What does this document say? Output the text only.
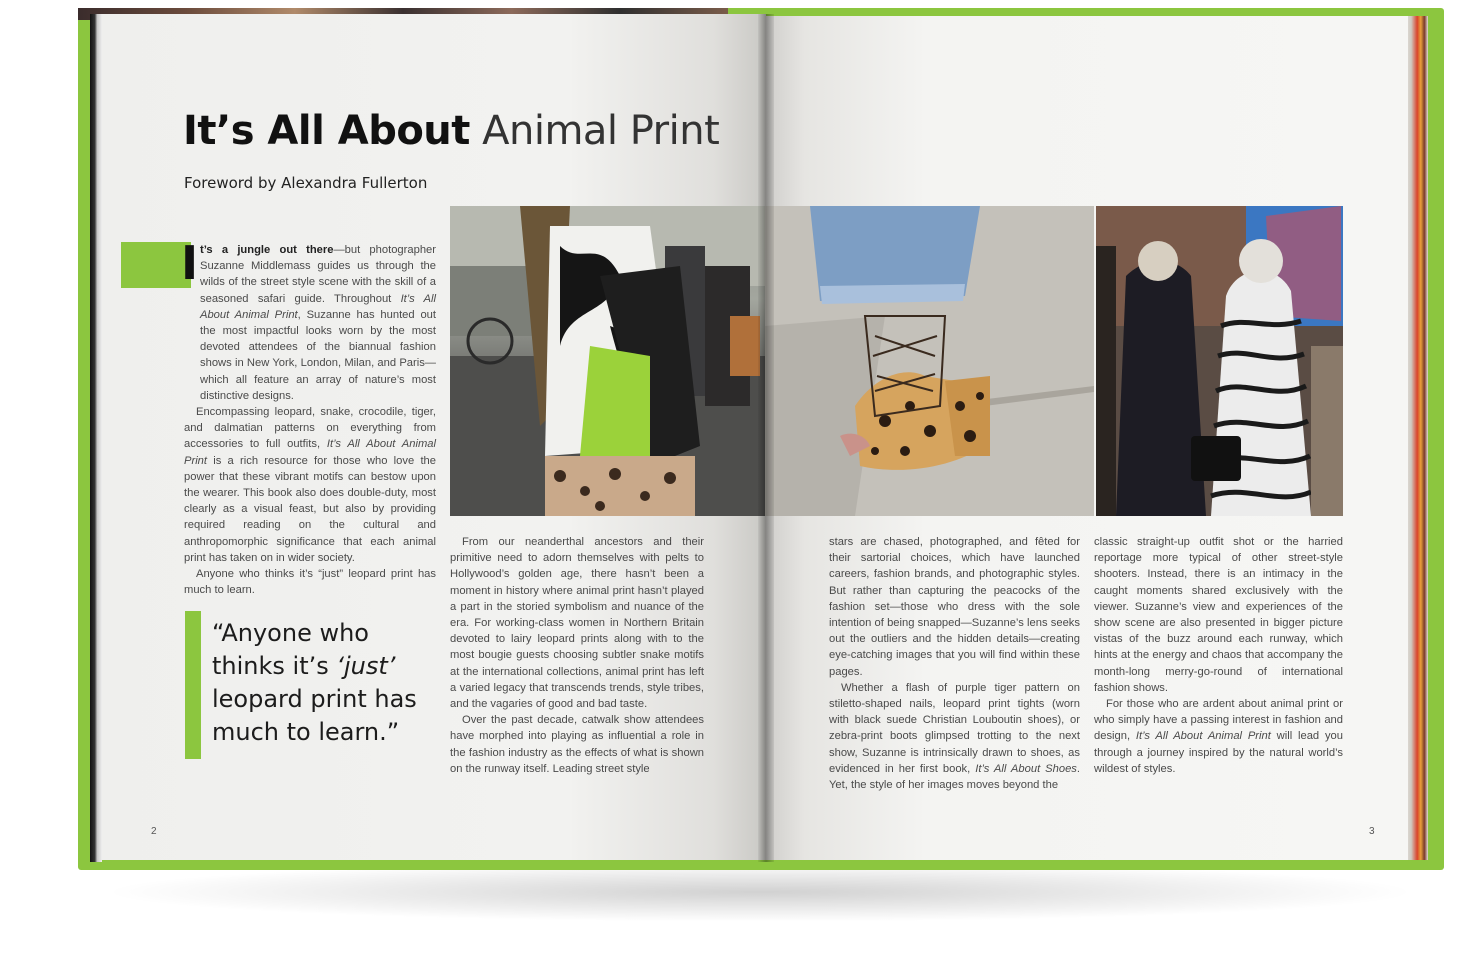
It’s All About Animal Print
Foreword by Alexandra Fullerton
I t’s a jungle out there—but photographer Suzanne Middlemass guides us through the wilds of the street style scene with the skill of a seasoned safari guide. Throughout It’s All About Animal Print, Suzanne has hunted out the most impactful looks worn by the most devoted attendees of the biannual fashion shows in New York, London, Milan, and Paris—which all feature an array of nature’s most distinctive designs.

Encompassing leopard, snake, crocodile, tiger, and dalmatian patterns on everything from accessories to full outfits, It’s All About Animal Print is a rich resource for those who love the power that these vibrant motifs can bestow upon the wearer. This book also does double-duty, most clearly as a visual feast, but also by providing required reading on the cultural and anthropomorphic significance that each animal print has taken on in wider society.

Anyone who thinks it’s “just” leopard print has much to learn.

“Anyone who thinks it’s ‘just’ leopard print has much to learn.”

From our neanderthal ancestors and their primitive need to adorn themselves with pelts to Hollywood’s golden age, there hasn’t been a moment in history where animal print hasn’t played a part in the storied symbolism and nuance of the era. For working-class women in Northern Britain devoted to lairy leopard prints along with to the most bougie guests choosing subtler snake motifs at the international collections, animal print has left a varied legacy that transcends trends, style tribes, and the vagaries of good and bad taste.

Over the past decade, catwalk show attendees have morphed into playing as influential a role in the fashion industry as the effects of what is shown on the runway itself. Leading street style

stars are chased, photographed, and fêted for their sartorial choices, which have launched careers, fashion brands, and photographic styles. But rather than capturing the peacocks of the fashion set—those who dress with the sole intention of being snapped—Suzanne’s lens seeks out the outliers and the hidden details—creating eye-catching images that you will find within these pages.

Whether a flash of purple tiger pattern on stiletto-shaped nails, leopard print tights (worn with black suede Christian Louboutin shoes), or zebra-print boots glimpsed trotting to the next show, Suzanne is intrinsically drawn to shoes, as evidenced in her first book, It’s All About Shoes. Yet, the style of her images moves beyond the

classic straight-up outfit shot or the harried reportage more typical of other street-style shooters. Instead, there is an intimacy in the caught moments shared exclusively with the viewer. Suzanne’s view and experiences of the show scene are also presented in bigger picture vistas of the buzz around each runway, which hints at the energy and chaos that accompany the month-long merry-go-round of international fashion shows.

For those who are ardent about animal print or who simply have a passing interest in fashion and design, It’s All About Animal Print will lead you through a journey inspired by the natural world’s wildest of styles.

2	3
